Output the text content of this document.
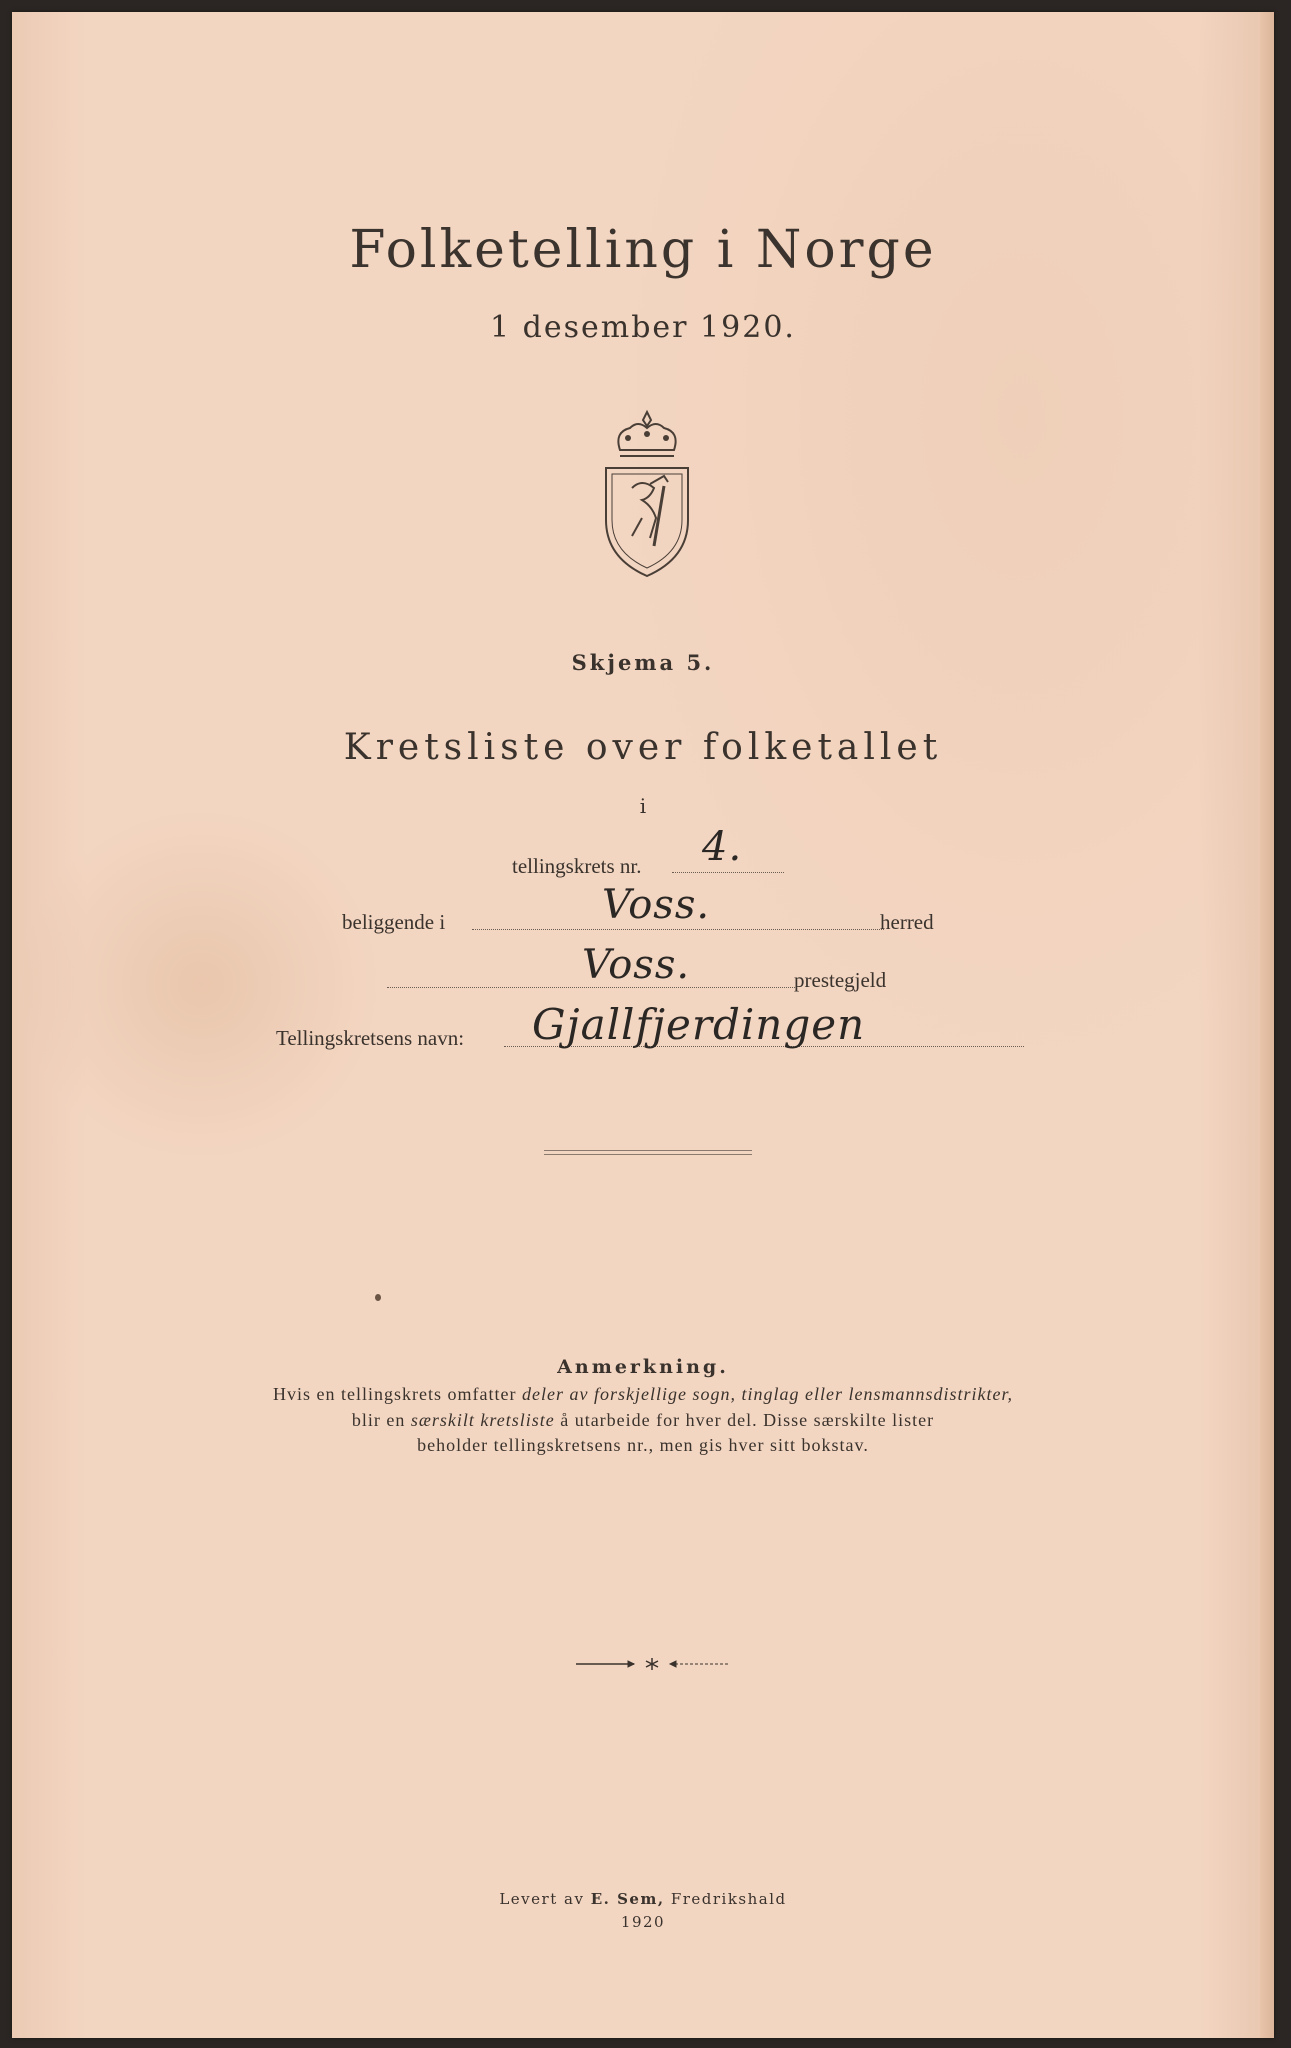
Folketelling i Norge
1 desember 1920.
Skjema 5.
Kretsliste over folketallet
i
tellingskrets nr. 4.
beliggende i	Voss.	herred
Voss.	prestegjeld
Tellingskretsens navn: Gjallfjerdingen
Anmerkning.
Hvis en tellingskrets omfatter deler av forskjellige sogn, tinglag eller lensmannsdistrikter,
blir en særskilt kretsliste å utarbeide for hver del. Disse særskilte lister
beholder tellingskretsens nr., men gis hver sitt bokstav.
Levert av E. Sem, Fredrikshald
1920
